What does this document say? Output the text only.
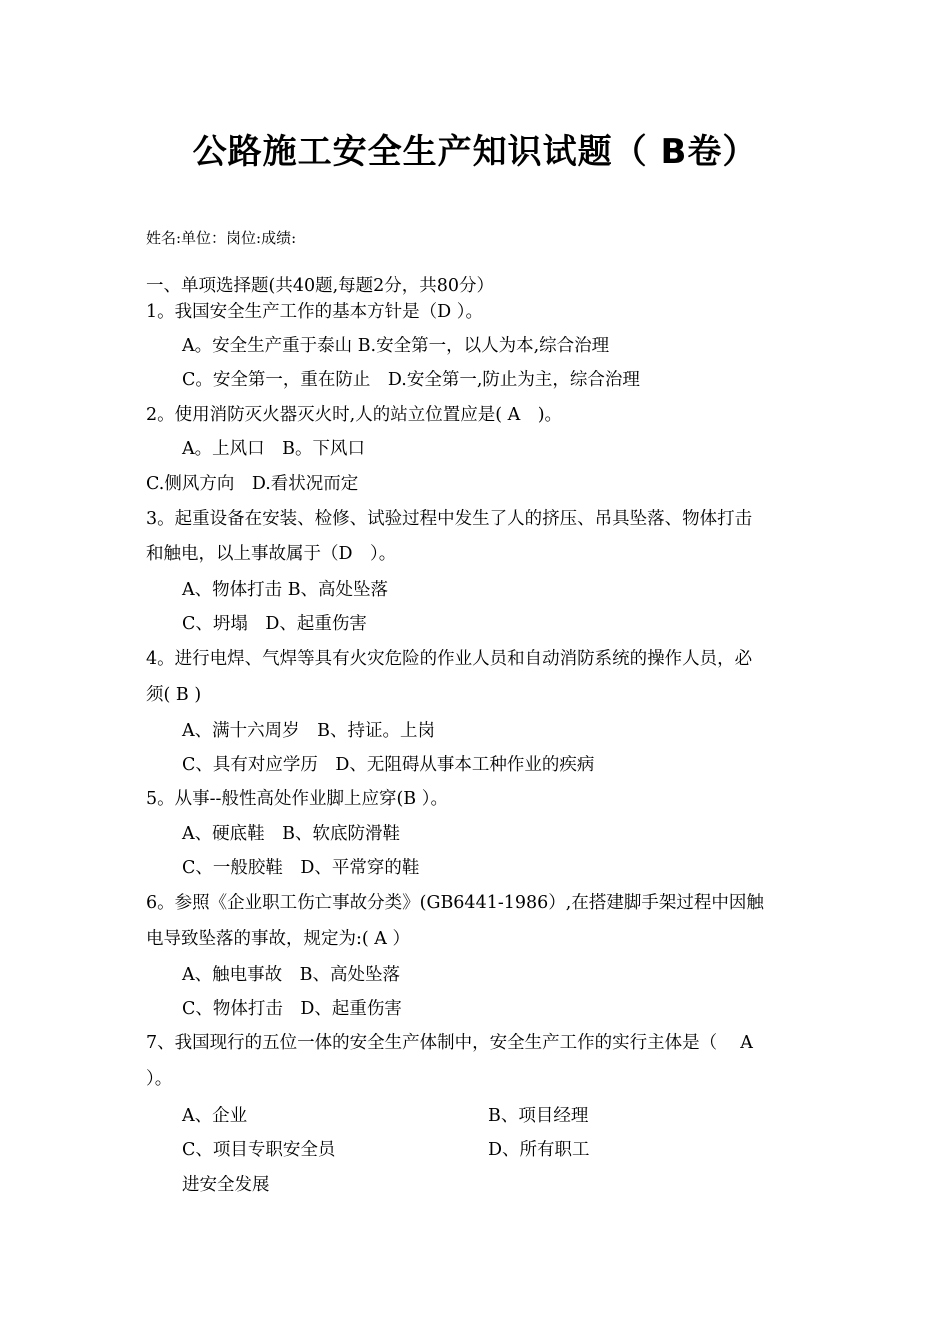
公路施工安全生产知识试题（ B卷）
姓名:单位：岗位:成绩:
一、单项选择题(共40题,每题2分，共80分）
1。我国安全生产工作的基本方针是（D ）。
A。安全生产重于泰山 B.安全第一，以人为本,综合治理
C。安全第一，重在防止　D.安全第一,防止为主，综合治理
2。使用消防灭火器灭火时,人的站立位置应是( A　)。
A。上风口　B。下风口
C.侧风方向　D.看状况而定
3。起重设备在安装、检修、试验过程中发生了人的挤压、吊具坠落、物体打击
和触电，以上事故属于（D　）。
A、物体打击 B、高处坠落
C、坍塌　D、起重伤害
4。进行电焊、气焊等具有火灾危险的作业人员和自动消防系统的操作人员，必
须( B )
A、满十六周岁　B、持证。上岗
C、具有对应学历　D、无阻碍从事本工种作业的疾病
5。从事--般性高处作业脚上应穿(B ）。
A、硬底鞋　B、软底防滑鞋
C、一般胶鞋　D、平常穿的鞋
6。参照《企业职工伤亡事故分类》(GB6441-1986）,在搭建脚手架过程中因触
电导致坠落的事故，规定为:( A ）
A、触电事故　B、高处坠落
C、物体打击　D、起重伤害
7、我国现行的五位一体的安全生产体制中，安全生产工作的实行主体是（　 A
）。
A、企业	B、项目经理
C、项目专职安全员	D、所有职工
进安全发展
